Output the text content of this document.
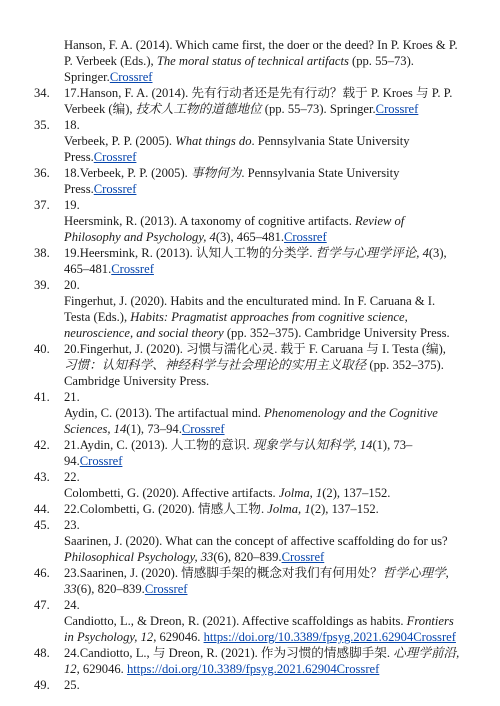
Hanson, F. A. (2014). Which came first, the doer or the deed? In P. Kroes & P. P. Verbeek (Eds.), The moral status of technical artifacts (pp. 55–73). Springer.Crossref
34. 17.Hanson, F. A. (2014). 先有行动者还是先有行动？载于 P. Kroes 与 P. P. Verbeek (编), 技术人工物的道德地位 (pp. 55–73). Springer.Crossref
35. 18.
Verbeek, P. P. (2005). What things do. Pennsylvania State University Press.Crossref
36. 18.Verbeek, P. P. (2005). 事物何为. Pennsylvania State University Press.Crossref
37. 19.
Heersmink, R. (2013). A taxonomy of cognitive artifacts. Review of Philosophy and Psychology, 4(3), 465–481.Crossref
38. 19.Heersmink, R. (2013). 认知人工物的分类学. 哲学与心理学评论, 4(3), 465–481.Crossref
39. 20.
Fingerhut, J. (2020). Habits and the enculturated mind. In F. Caruana & I. Testa (Eds.), Habits: Pragmatist approaches from cognitive science, neuroscience, and social theory (pp. 352–375). Cambridge University Press.
40. 20.Fingerhut, J. (2020). 习惯与濡化心灵. 载于 F. Caruana 与 I. Testa (编), 习惯：认知科学、神经科学与社会理论的实用主义取径 (pp. 352–375). Cambridge University Press.
41. 21.
Aydin, C. (2013). The artifactual mind. Phenomenology and the Cognitive Sciences, 14(1), 73–94.Crossref
42. 21.Aydin, C. (2013). 人工物的意识. 现象学与认知科学, 14(1), 73–94.Crossref
43. 22.
Colombetti, G. (2020). Affective artifacts. Jolma, 1(2), 137–152.
44. 22.Colombetti, G. (2020). 情感人工物. Jolma, 1(2), 137–152.
45. 23.
Saarinen, J. (2020). What can the concept of affective scaffolding do for us? Philosophical Psychology, 33(6), 820–839.Crossref
46. 23.Saarinen, J. (2020). 情感脚手架的概念对我们有何用处？哲学心理学, 33(6), 820–839.Crossref
47. 24.
Candiotto, L., & Dreon, R. (2021). Affective scaffoldings as habits. Frontiers in Psychology, 12, 629046. https://doi.org/10.3389/fpsyg.2021.62904Crossref
48. 24.Candiotto, L., 与 Dreon, R. (2021). 作为习惯的情感脚手架. 心理学前沿, 12, 629046. https://doi.org/10.3389/fpsyg.2021.62904Crossref
49. 25.
